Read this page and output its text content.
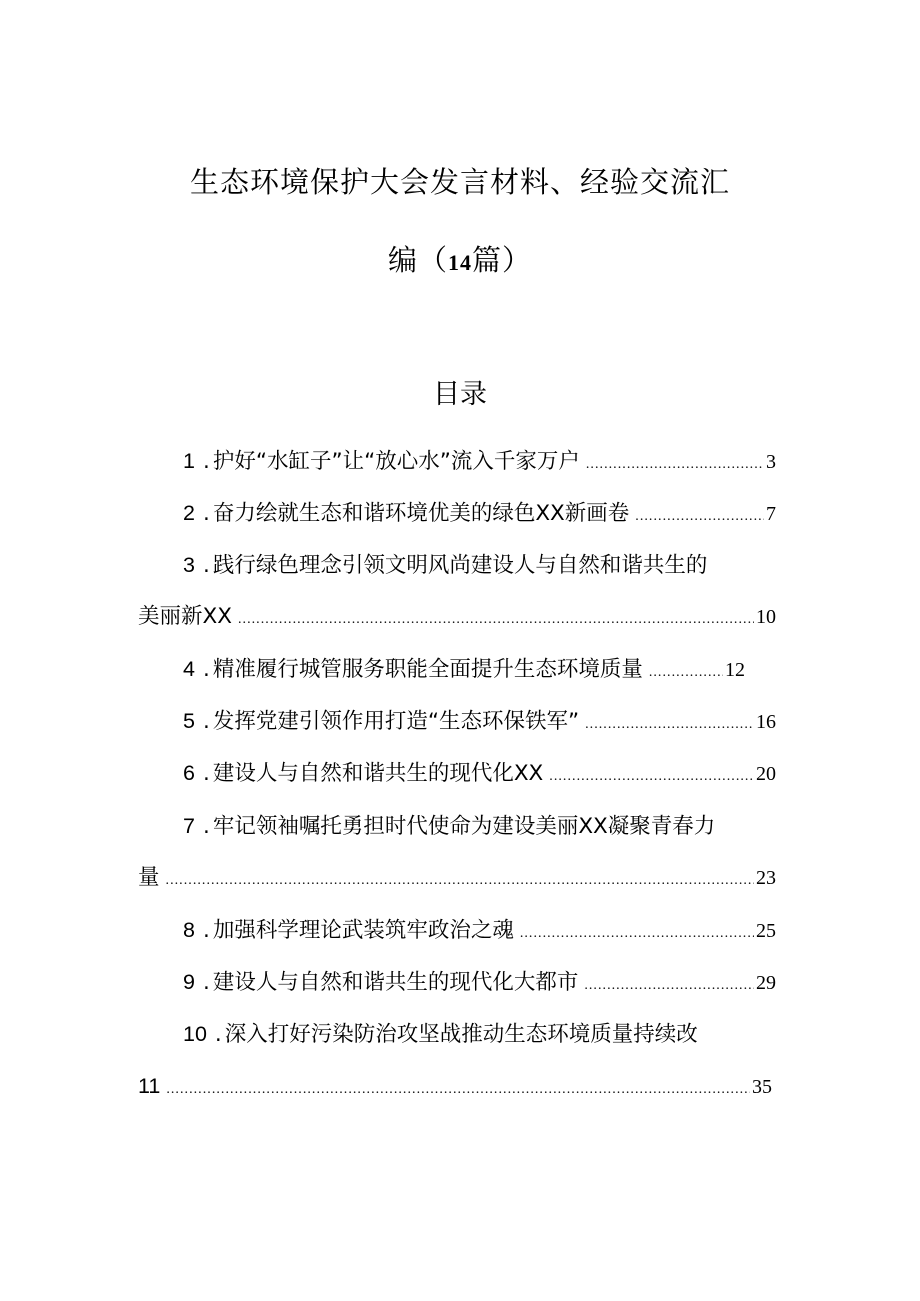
生态环境保护大会发言材料、经验交流汇
编（14篇）
目录
1 . 护好“水缸子”让“放心水”流入千家万户 .....	3
2 . 奋力绘就生态和谐环境优美的绿色XX新画卷 .....	7
3 . 践行绿色理念引领文明风尚建设人与自然和谐共生的
美丽新XX .....	10
4 . 精准履行城管服务职能全面提升生态环境质量 .....	12
5 . 发挥党建引领作用打造“生态环保铁军” .....	16
6 . 建设人与自然和谐共生的现代化XX .....	20
7 . 牢记领袖嘱托勇担时代使命为建设美丽XX凝聚青春力
量 .....	23
8 . 加强科学理论武装筑牢政治之魂 .....	25
9 . 建设人与自然和谐共生的现代化大都市 .....	29
10 . 深入打好污染防治攻坚战推动生态环境质量持续改
11 .....	35
